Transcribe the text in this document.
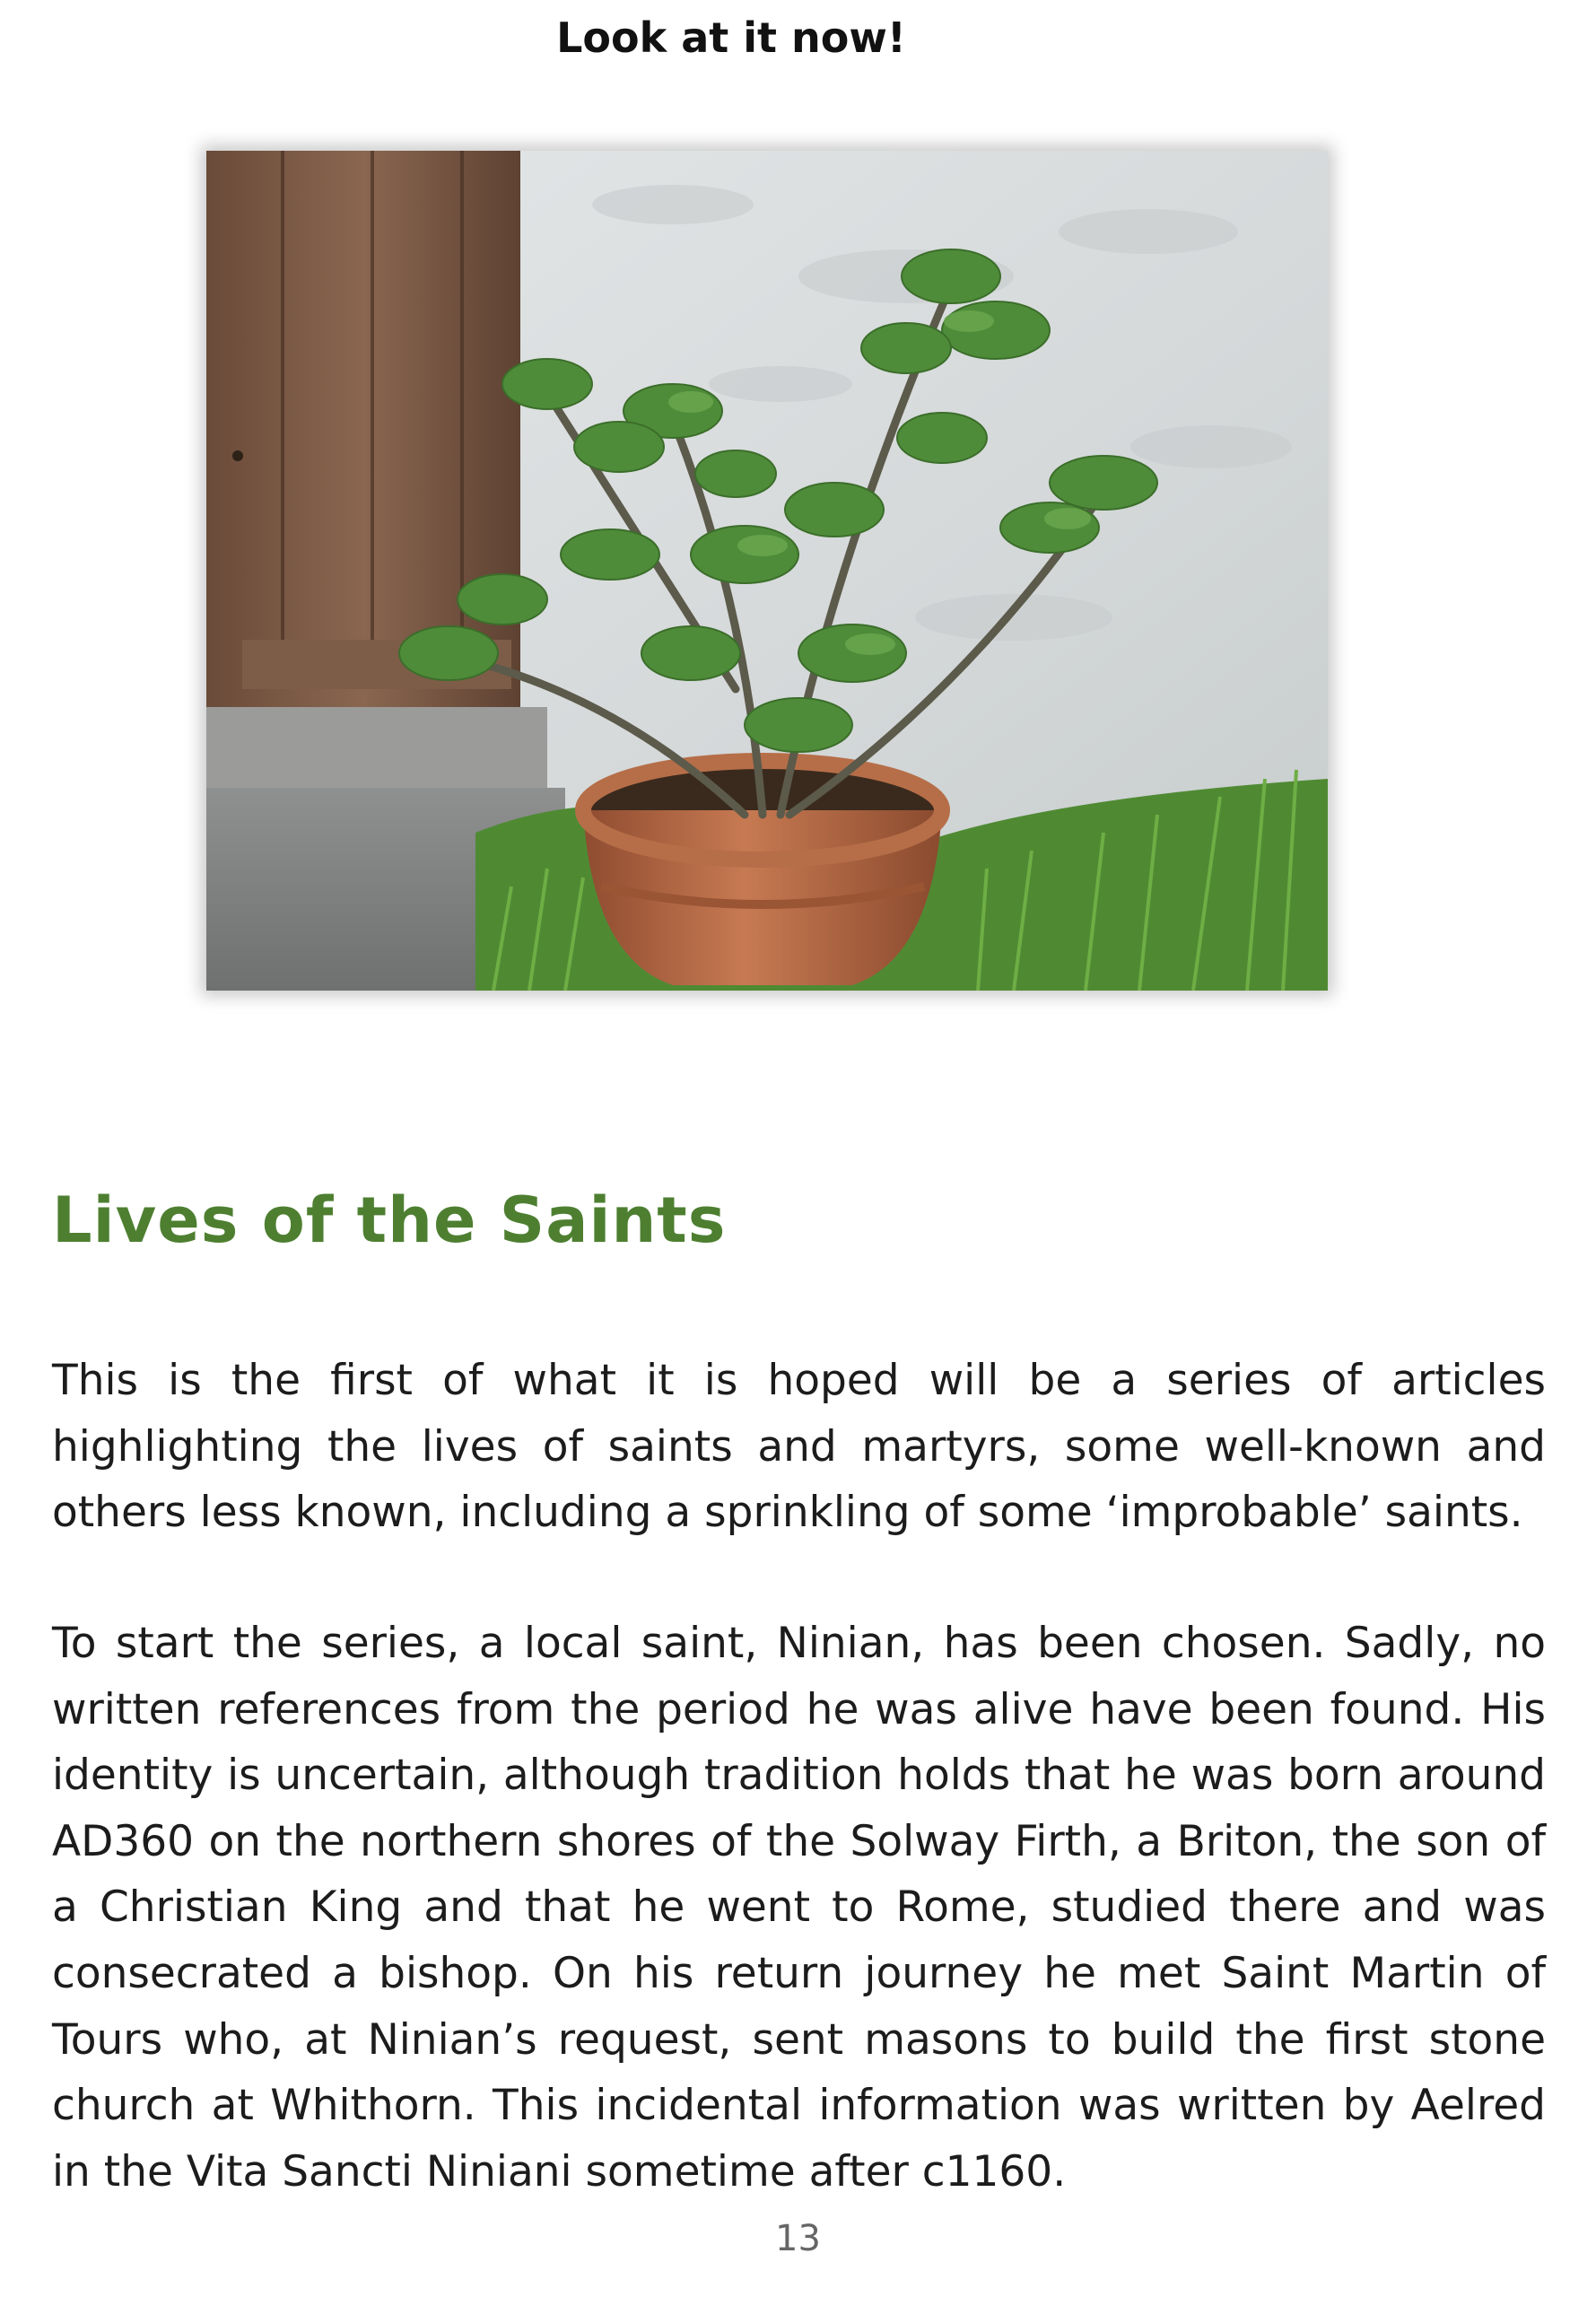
Look at it now!
Lives of the Saints

This is the first of what it is hoped will be a series of articles highlighting the lives of saints and martyrs, some well-known and others less known, including a sprinkling of some ‘improbable’ saints.

To start the series, a local saint, Ninian, has been chosen. Sadly, no written references from the period he was alive have been found. His identity is uncertain, although tradition holds that he was born around AD360 on the northern shores of the Solway Firth, a Briton, the son of a Christian King and that he went to Rome, studied there and was consecrated a bishop. On his return journey he met Saint Martin of Tours who, at Ninian’s request, sent masons to build the first stone church at Whithorn. This incidental information was written by Aelred in the Vita Sancti Niniani sometime after c1160.

13
